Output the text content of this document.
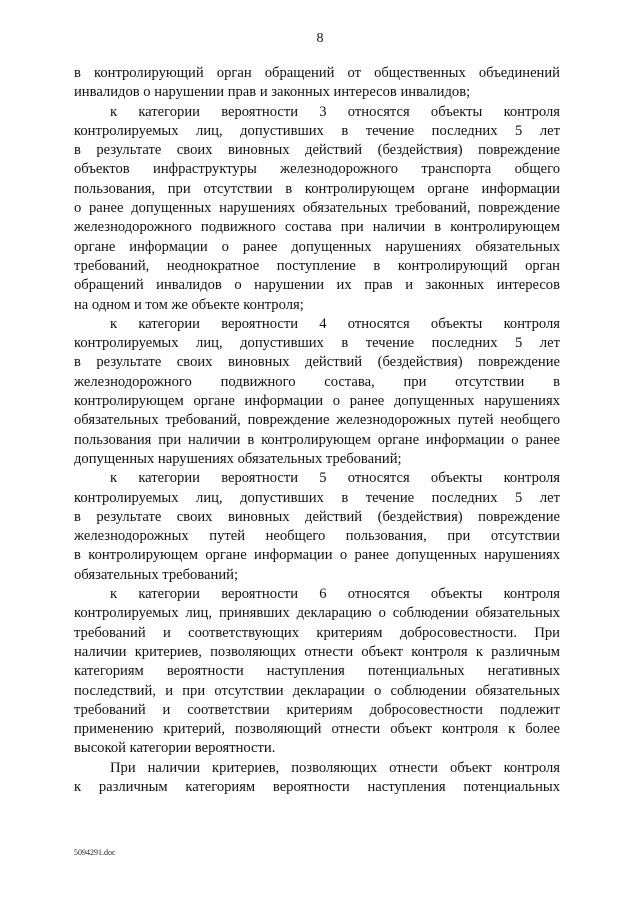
8
в контролирующий орган обращений от общественных объединений
инвалидов о нарушении прав и законных интересов инвалидов;
к категории вероятности 3 относятся объекты контроля
контролируемых лиц, допустивших в течение последних 5 лет
в результате своих виновных действий (бездействия) повреждение
объектов инфраструктуры железнодорожного транспорта общего
пользования, при отсутствии в контролирующем органе информации
о ранее допущенных нарушениях обязательных требований, повреждение
железнодорожного подвижного состава при наличии в контролирующем
органе информации о ранее допущенных нарушениях обязательных
требований, неоднократное поступление в контролирующий орган
обращений инвалидов о нарушении их прав и законных интересов
на одном и том же объекте контроля;
к категории вероятности 4 относятся объекты контроля
контролируемых лиц, допустивших в течение последних 5 лет
в результате своих виновных действий (бездействия) повреждение
железнодорожного подвижного состава, при отсутствии в
контролирующем органе информации о ранее допущенных нарушениях
обязательных требований, повреждение железнодорожных путей необщего
пользования при наличии в контролирующем органе информации о ранее
допущенных нарушениях обязательных требований;
к категории вероятности 5 относятся объекты контроля
контролируемых лиц, допустивших в течение последних 5 лет
в результате своих виновных действий (бездействия) повреждение
железнодорожных путей необщего пользования, при отсутствии
в контролирующем органе информации о ранее допущенных нарушениях
обязательных требований;
к категории вероятности 6 относятся объекты контроля
контролируемых лиц, принявших декларацию о соблюдении обязательных
требований и соответствующих критериям добросовестности. При
наличии критериев, позволяющих отнести объект контроля к различным
категориям вероятности наступления потенциальных негативных
последствий, и при отсутствии декларации о соблюдении обязательных
требований и соответствии критериям добросовестности подлежит
применению критерий, позволяющий отнести объект контроля к более
высокой категории вероятности.
При наличии критериев, позволяющих отнести объект контроля
к различным категориям вероятности наступления потенциальных
5094291.doc
